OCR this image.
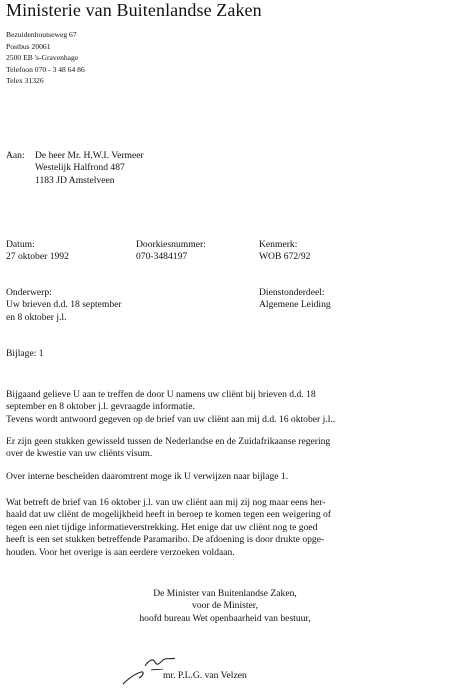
Ministerie van Buitenlandse Zaken
Bezuidenhoutseweg 67
Postbus 20061
2500 EB 's-Gravenhage
Telefoon 070 - 3 48 64 86
Telex 31326
Aan: De heer Mr. H.W.I. Vermeer
Westelijk Halfrond 487
1183 JD Amstelveen
Datum:
27 oktober 1992
Doorkiesnummer:
070-3484197
Kenmerk:
WOB 672/92
Onderwerp:
Uw brieven d.d. 18 september
en 8 oktober j.l.
Dienstonderdeel:
Algemene Leiding
Bijlage: 1
Bijgaand gelieve U aan te treffen de door U namens uw cliënt bij brieven d.d. 18
september en 8 oktober j.l. gevraagde informatie.
Tevens wordt antwoord gegeven op de brief van uw cliënt aan mij d.d. 16 oktober j.l..
Er zijn geen stukken gewisseld tussen de Nederlandse en de Zuidafrikaanse regering
over de kwestie van uw cliënts visum.
Over interne bescheiden daaromtrent moge ik U verwijzen naar bijlage 1.
Wat betreft de brief van 16 oktober j.l. van uw cliënt aan mij zij nog maar eens her-
haald dat uw cliënt de mogelijkheid heeft in beroep te komen tegen een weigering of
tegen een niet tijdige informatieverstrekking. Het enige dat uw cliënt nog te goed
heeft is een set stukken betreffende Paramaribo. De afdoening is door drukte opge-
houden. Voor het overige is aan eerdere verzoeken voldaan.
De Minister van Buitenlandse Zaken,
voor de Minister,
hoofd bureau Wet openbaarheid van bestuur,
mr. P.L.G. van Velzen
